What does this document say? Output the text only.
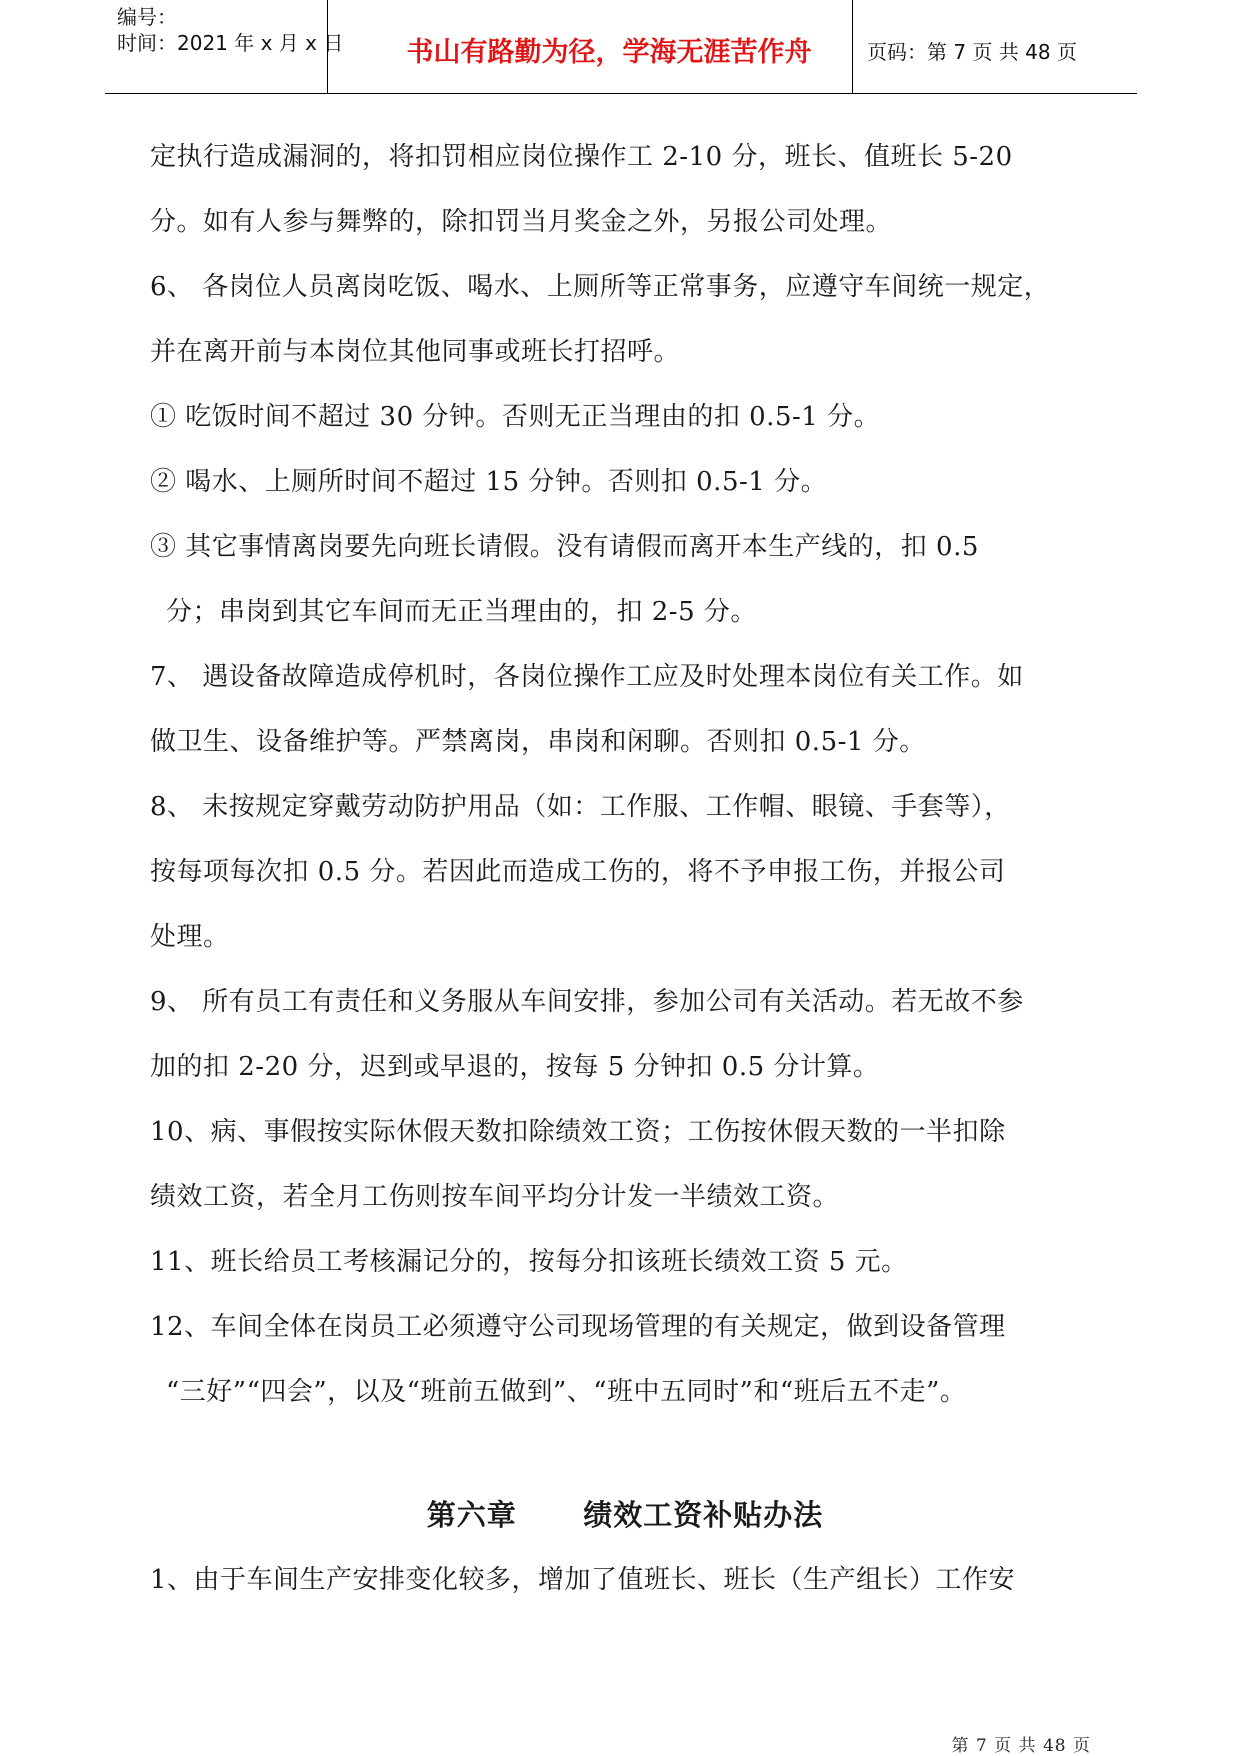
编号：
时间：2021 年 x 月 x 日	书山有路勤为径，学海无涯苦作舟	页码：第 7 页 共 48 页
定执行造成漏洞的，将扣罚相应岗位操作工 2-10 分，班长、值班长 5-20
分。如有人参与舞弊的，除扣罚当月奖金之外，另报公司处理。
6、 各岗位人员离岗吃饭、喝水、上厕所等正常事务，应遵守车间统一规定，
并在离开前与本岗位其他同事或班长打招呼。
① 吃饭时间不超过 30 分钟。否则无正当理由的扣 0.5-1 分。
② 喝水、上厕所时间不超过 15 分钟。否则扣 0.5-1 分。
③ 其它事情离岗要先向班长请假。没有请假而离开本生产线的，扣 0.5
分；串岗到其它车间而无正当理由的，扣 2-5 分。
7、 遇设备故障造成停机时，各岗位操作工应及时处理本岗位有关工作。如
做卫生、设备维护等。严禁离岗，串岗和闲聊。否则扣 0.5-1 分。
8、 未按规定穿戴劳动防护用品（如：工作服、工作帽、眼镜、手套等），
按每项每次扣 0.5 分。若因此而造成工伤的，将不予申报工伤，并报公司
处理。
9、 所有员工有责任和义务服从车间安排，参加公司有关活动。若无故不参
加的扣 2-20 分，迟到或早退的，按每 5 分钟扣 0.5 分计算。
10、病、事假按实际休假天数扣除绩效工资；工伤按休假天数的一半扣除
绩效工资，若全月工伤则按车间平均分计发一半绩效工资。
11、班长给员工考核漏记分的，按每分扣该班长绩效工资 5 元。
12、车间全体在岗员工必须遵守公司现场管理的有关规定，做到设备管理
“三好”“四会”，以及“班前五做到”、“班中五同时”和“班后五不走”。
第六章      绩效工资补贴办法
1、由于车间生产安排变化较多，增加了值班长、班长（生产组长）工作安
第 7 页 共 48 页
